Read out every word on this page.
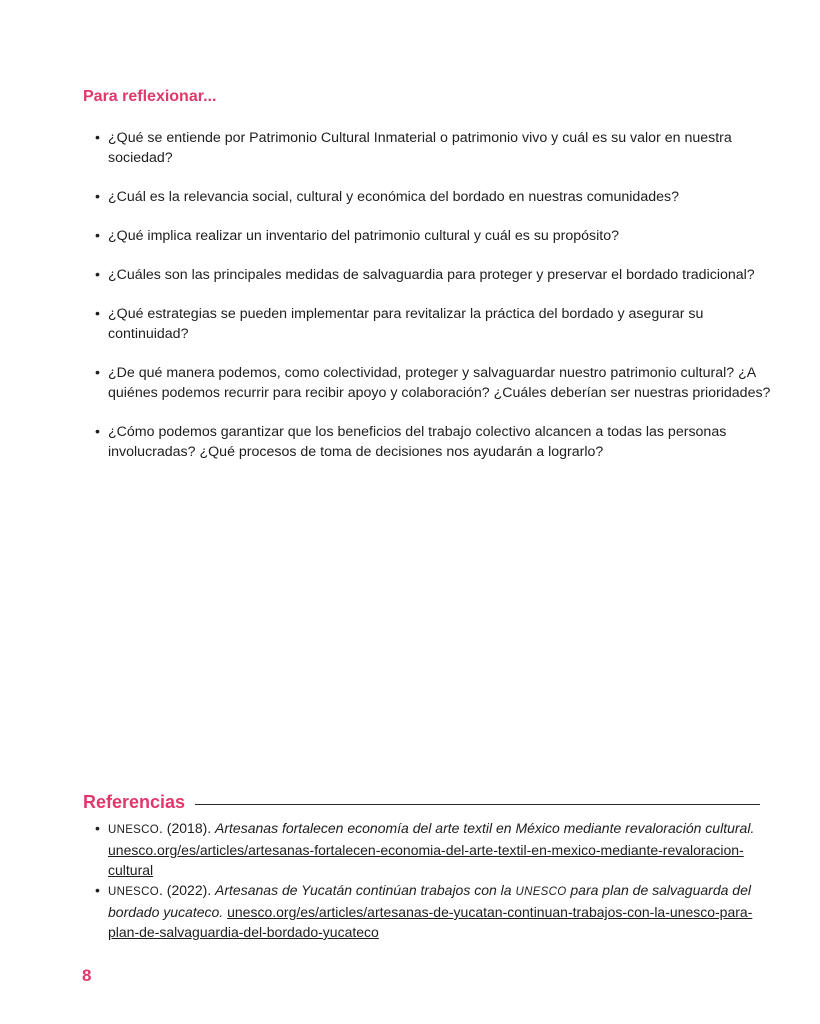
Para reflexionar...
• ¿Qué se entiende por Patrimonio Cultural Inmaterial o patrimonio vivo y cuál es su valor en nuestra sociedad?
• ¿Cuál es la relevancia social, cultural y económica del bordado en nuestras comunidades?
• ¿Qué implica realizar un inventario del patrimonio cultural y cuál es su propósito?
• ¿Cuáles son las principales medidas de salvaguardia para proteger y preservar el bordado tradicional?
• ¿Qué estrategias se pueden implementar para revitalizar la práctica del bordado y asegurar su continuidad?
• ¿De qué manera podemos, como colectividad, proteger y salvaguardar nuestro patrimonio cultural? ¿A quiénes podemos recurrir para recibir apoyo y colaboración? ¿Cuáles deberían ser nuestras prioridades?
• ¿Cómo podemos garantizar que los beneficios del trabajo colectivo alcancen a todas las personas involucradas? ¿Qué procesos de toma de decisiones nos ayudarán a lograrlo?
Referencias
• UNESCO. (2018). Artesanas fortalecen economía del arte textil en México mediante revaloración cultural. unesco.org/es/articles/artesanas-fortalecen-economia-del-arte-textil-en-mexico-mediante-revaloracion-cultural
• UNESCO. (2022). Artesanas de Yucatán continúan trabajos con la UNESCO para plan de salvaguarda del bordado yucateco. unesco.org/es/articles/artesanas-de-yucatan-continuan-trabajos-con-la-unesco-para-plan-de-salvaguardia-del-bordado-yucateco
8
